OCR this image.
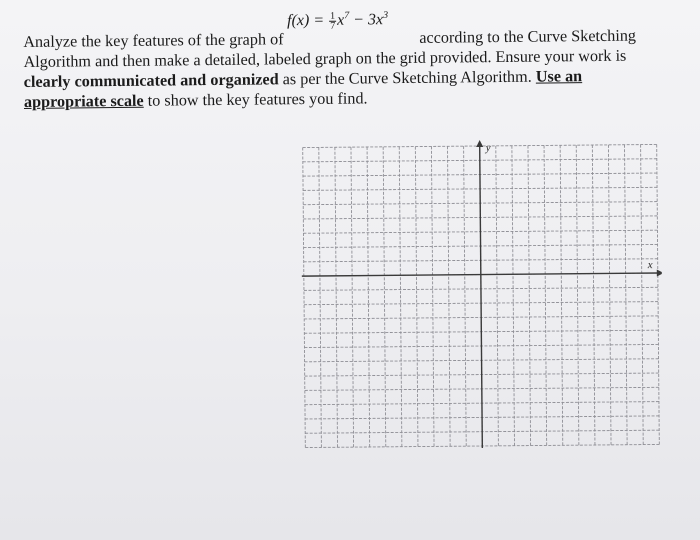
Analyze the key features of the graph of
$f(x) = \frac{1}{7} x^7 - 3x^3$
according to the Curve Sketching
Algorithm and then make a detailed, labeled graph on the grid provided. Ensure your work is
clearly communicated and organized as per the Curve Sketching Algorithm. Use an
appropriate scale to show the key features you find.
x
y
